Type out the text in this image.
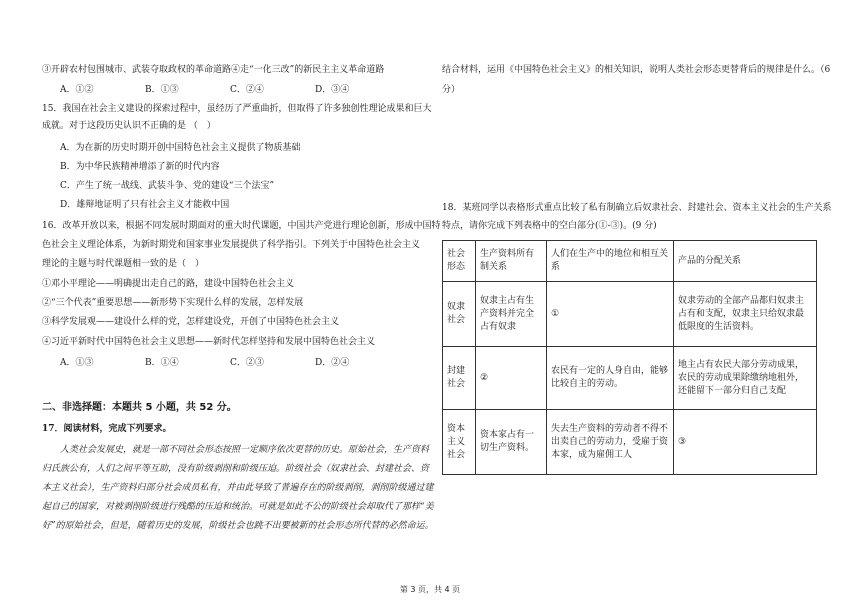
③开辟农村包围城市、武装夺取政权的革命道路④走“一化三改”的新民主主义革命道路
A．①②	B．①③	C．②④	D．③④
15．我国在社会主义建设的探索过程中，虽经历了严重曲折，但取得了许多独创性理论成果和巨大
成就。对于这段历史认识不正确的是 （　）
A．为在新的历史时期开创中国特色社会主义提供了物质基础
B．为中华民族精神增添了新的时代内容
C．产生了统一战线、武装斗争、党的建设“三个法宝”
D．雄辩地证明了只有社会主义才能救中国
16．改革开放以来，根据不同发展时期面对的重大时代课题，中国共产党进行理论创新，形成中国特
色社会主义理论体系，为新时期党和国家事业发展提供了科学指引。下列关于中国特色社会主义
理论的主题与时代课题相一致的是（　）
①邓小平理论——明确提出走自己的路，建设中国特色社会主义
②“三个代表”重要思想——新形势下实现什么样的发展，怎样发展
③科学发展观——建设什么样的党，怎样建设党，开创了中国特色社会主义
④习近平新时代中国特色社会主义思想——新时代怎样坚持和发展中国特色社会主义
A．①③	B．①④	C．②③	D．②④
二、非选择题：本题共 5 小题，共 52 分。
17．阅读材料，完成下列要求。
人类社会发展史，就是一部不同社会形态按照一定顺序依次更替的历史。原始社会，生产资料
归氏族公有，人们之间平等互助，没有阶级剥削和阶级压迫。阶级社会（奴隶社会、封建社会、资
本主义社会），生产资料归部分社会成员私有，并由此导致了普遍存在的阶级剥削，剥削阶级通过建
起自己的国家，对被剥削阶级进行残酷的压迫和统治。可就是如此不公的阶级社会却取代了那样“美
好”的原始社会，但是，随着历史的发展，阶级社会也跳不出要被新的社会形态所代替的必然命运。
结合材料，运用《中国特色社会主义》的相关知识，说明人类社会形态更替背后的规律是什么。（6
分）
18．某班同学以表格形式重点比较了私有制确立后奴隶社会、封建社会、资本主义社会的生产关系
特点，请你完成下列表格中的空白部分(①-③)。(9 分)
社会形态	生产资料所有制关系	人们在生产中的地位和相互关系	产品的分配关系
奴隶社会	奴隶主占有生产资料并完全占有奴隶	①	奴隶劳动的全部产品都归奴隶主占有和支配，奴隶主只给奴隶最低限度的生活资料。
封建社会	②	农民有一定的人身自由，能够比较自主的劳动。	地主占有农民大部分劳动成果，农民的劳动成果除缴纳地租外，还能留下一部分归自己支配
资本主义社会	资本家占有一切生产资料。	失去生产资料的劳动者不得不出卖自己的劳动力，受雇于资本家，成为雇佣工人	③
第 3 页，共 4 页
